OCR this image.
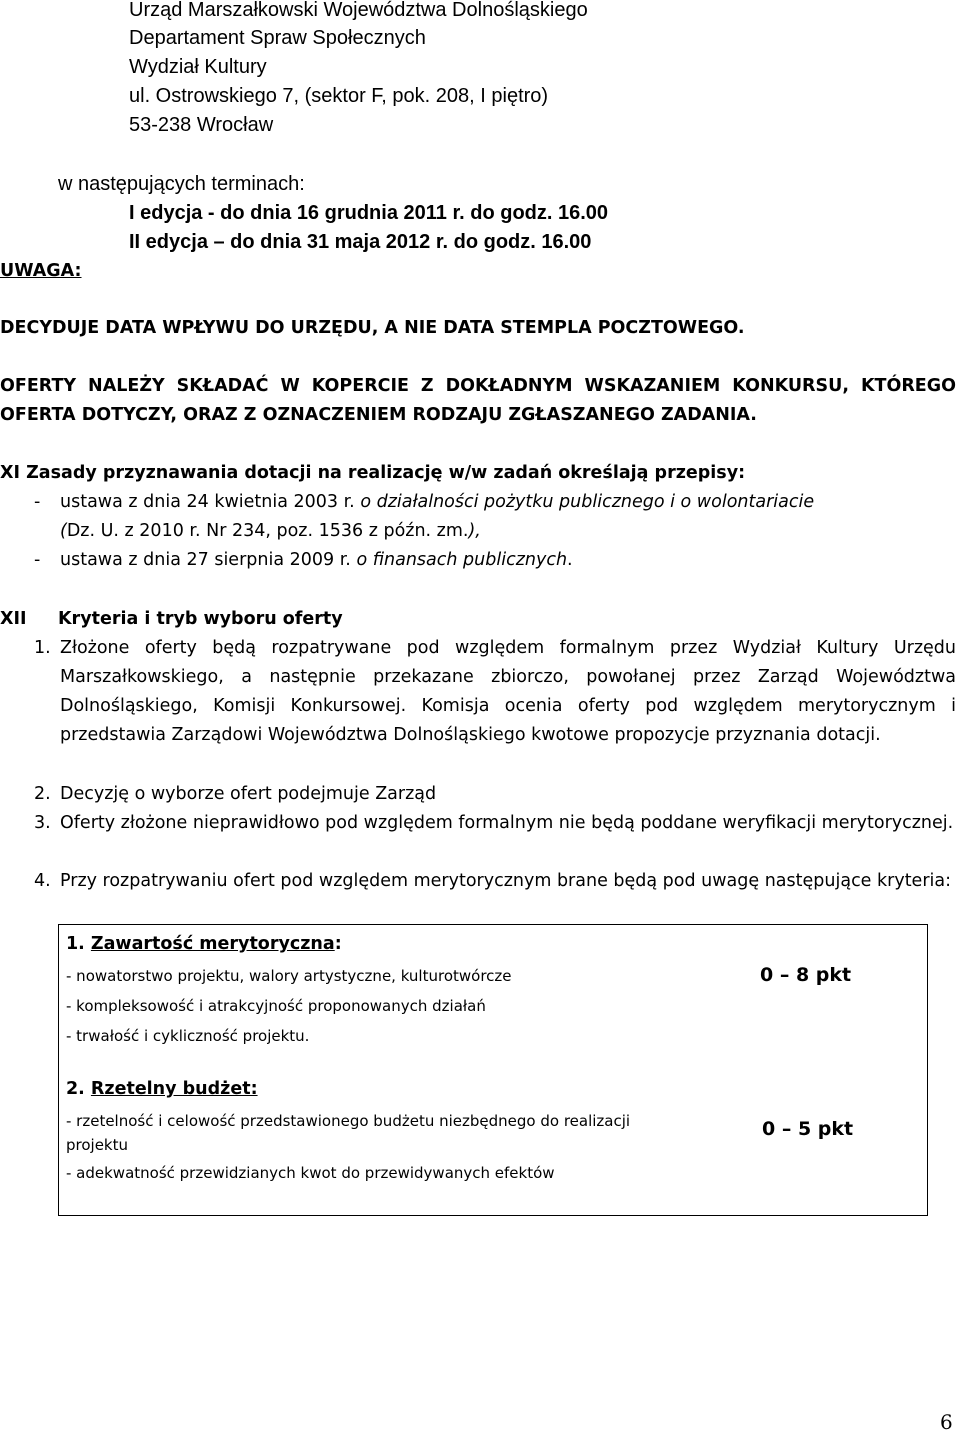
Urząd Marszałkowski Województwa Dolnośląskiego
Departament Spraw Społecznych
Wydział Kultury
ul. Ostrowskiego 7, (sektor F, pok. 208, I piętro)
53-238 Wrocław
w następujących terminach:
I edycja - do dnia 16 grudnia 2011 r. do godz. 16.00
II edycja – do dnia 31 maja 2012 r. do godz. 16.00
UWAGA:
DECYDUJE DATA WPŁYWU DO URZĘDU, A NIE DATA STEMPLA POCZTOWEGO.
OFERTY NALEŻY SKŁADAĆ W KOPERCIE Z DOKŁADNYM WSKAZANIEM KONKURSU, KTÓREGO
OFERTA DOTYCZY, ORAZ Z OZNACZENIEM RODZAJU ZGŁASZANEGO ZADANIA.
XI Zasady przyznawania dotacji na realizację w/w zadań określają przepisy:
- ustawa z dnia 24 kwietnia 2003 r. o działalności pożytku publicznego i o wolontariacie
(Dz. U. z 2010 r. Nr 234, poz. 1536 z późn. zm.),
- ustawa z dnia 27 sierpnia 2009 r. o finansach publicznych.
XII Kryteria i tryb wyboru oferty
1. Złożone oferty będą rozpatrywane pod względem formalnym przez Wydział Kultury Urzędu Marszałkowskiego, a następnie przekazane zbiorczo, powołanej przez Zarząd Województwa Dolnośląskiego, Komisji Konkursowej. Komisja ocenia oferty pod względem merytorycznym i przedstawia Zarządowi Województwa Dolnośląskiego kwotowe propozycje przyznania dotacji.
2. Decyzję o wyborze ofert podejmuje Zarząd
3. Oferty złożone nieprawidłowo pod względem formalnym nie będą poddane weryfikacji merytorycznej.
4. Przy rozpatrywaniu ofert pod względem merytorycznym brane będą pod uwagę następujące kryteria:
1. Zawartość merytoryczna:
- nowatorstwo projektu, walory artystyczne, kulturotwórcze
- kompleksowość i atrakcyjność proponowanych działań
- trwałość i cykliczność projektu.
0 – 8 pkt
2. Rzetelny budżet:
- rzetelność i celowość przedstawionego budżetu niezbędnego do realizacji
projektu
- adekwatność przewidzianych kwot do przewidywanych efektów
0 – 5 pkt
6
